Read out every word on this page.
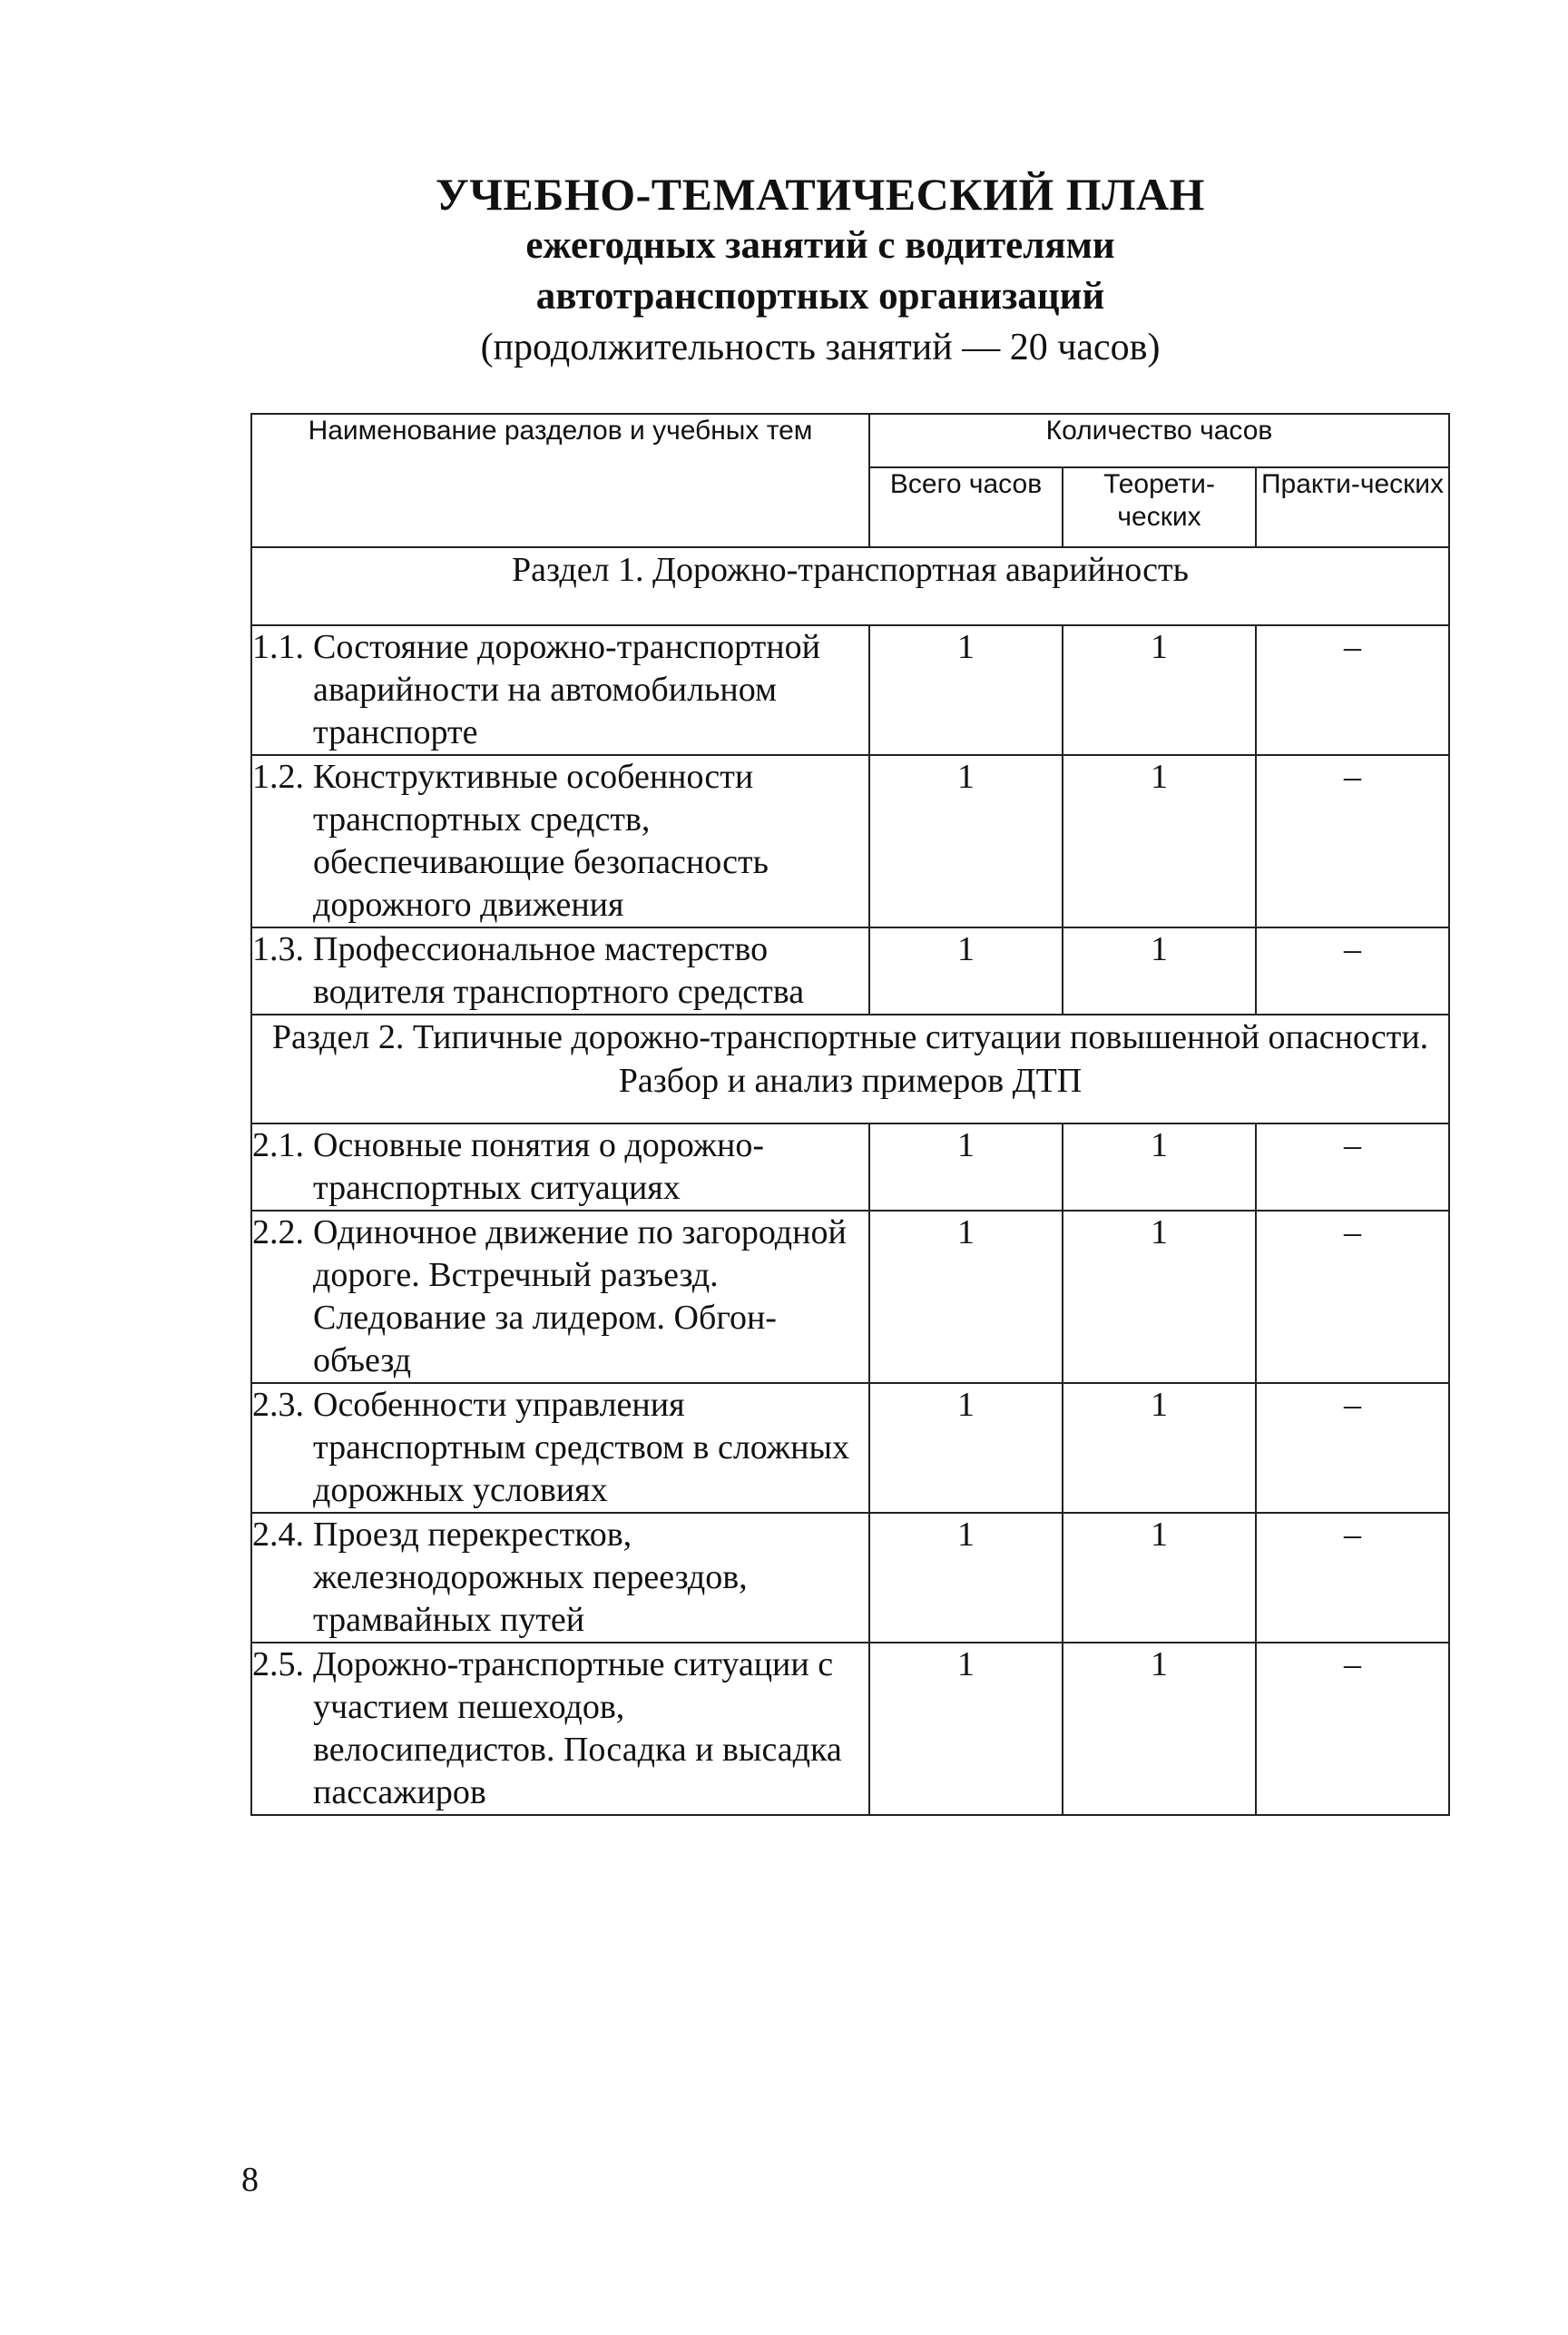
УЧЕБНО-ТЕМАТИЧЕСКИЙ ПЛАН
ежегодных занятий с водителями
автотранспортных организаций
(продолжительность занятий — 20 часов)
Наименование разделов и учебных тем	Количество часов		
	Всего часов	Теорети-ческих	Практи-ческих
Раздел 1. Дорожно-транспортная аварийность			

1.1. Состояние дорожно-транспортной аварийности на автомобильном транспорте	1	1	–

1.2. Конструктивные особенности транспортных средств, обеспечивающие безопасность дорожного движения	1	1	–

1.3. Профессиональное мастерство водителя транспортного средства	1	1	–
Раздел 2. Типичные дорожно-транспортные ситуации повышенной опасности. Разбор и анализ примеров ДТП			

2.1. Основные понятия о дорожно-транспортных ситуациях	1	1	–

2.2. Одиночное движение по загородной дороге. Встречный разъезд. Следование за лидером. Обгон-объезд	1	1	–

2.3. Особенности управления транспортным средством в сложных дорожных условиях	1	1	–

2.4. Проезд перекрестков, железнодорожных переездов, трамвайных путей	1	1	–

2.5. Дорожно-транспортные ситуации с участием пешеходов, велосипедистов. Посадка и высадка пассажиров	1	1	–
8
